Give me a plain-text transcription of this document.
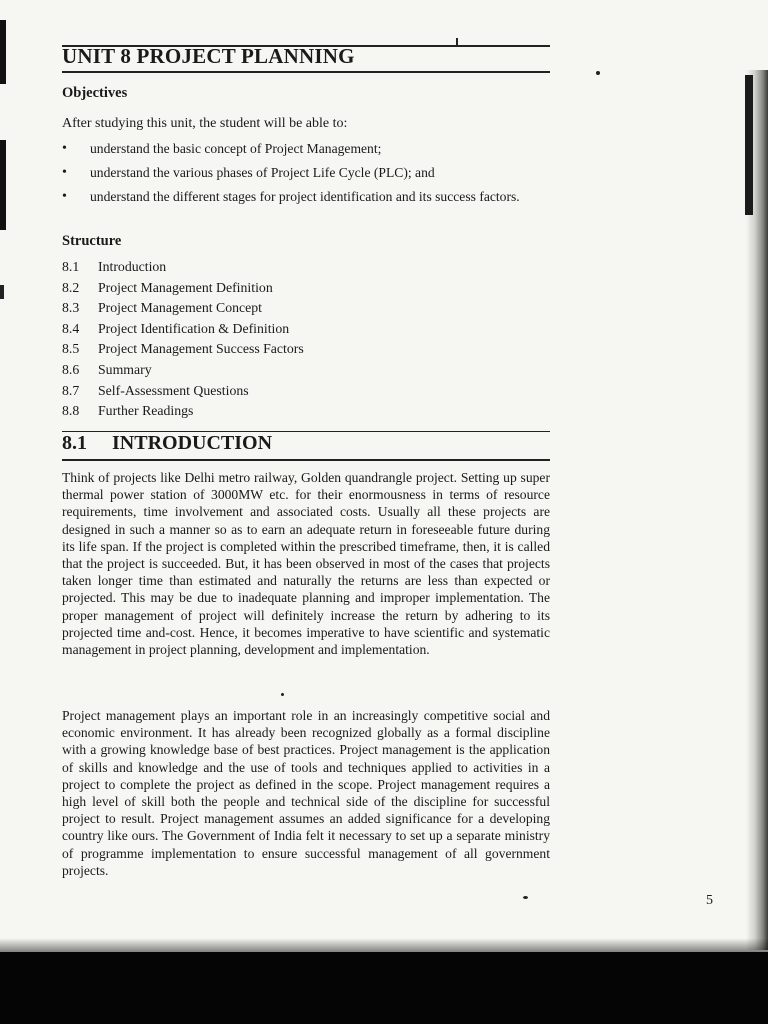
UNIT 8 PROJECT PLANNING
Objectives

After studying this unit, the student will be able to:

• understand the basic concept of Project Management;
• understand the various phases of Project Life Cycle (PLC); and
• understand the different stages for project identification and its success factors.
Structure
8.1 Introduction
8.2 Project Management Definition
8.3 Project Management Concept
8.4 Project Identification & Definition
8.5 Project Management Success Factors
8.6 Summary
8.7 Self-Assessment Questions
8.8 Further Readings
8.1 INTRODUCTION

Think of projects like Delhi metro railway, Golden quandrangle project. Setting up super thermal power station of 3000MW etc. for their enormousness in terms of resource requirements, time involvement and associated costs. Usually all these projects are designed in such a manner so as to earn an adequate return in foreseeable future during its life span. If the project is completed within the prescribed timeframe, then, it is called that the project is succeeded. But, it has been observed in most of the cases that projects taken longer time than estimated and naturally the returns are less than expected or projected. This may be due to inadequate planning and improper implementation. The proper management of project will definitely increase the return by adhering to its projected time and-cost. Hence, it becomes imperative to have scientific and systematic management in project planning, development and implementation.

Project management plays an important role in an increasingly competitive social and economic environment. It has already been recognized globally as a formal discipline with a growing knowledge base of best practices. Project management is the application of skills and knowledge and the use of tools and techniques applied to activities in a project to complete the project as defined in the scope. Project management requires a high level of skill both the people and technical side of the discipline for successful project to result. Project management assumes an added significance for a developing country like ours. The Government of India felt it necessary to set up a separate ministry of programme implementation to ensure successful management of all government projects.

5
